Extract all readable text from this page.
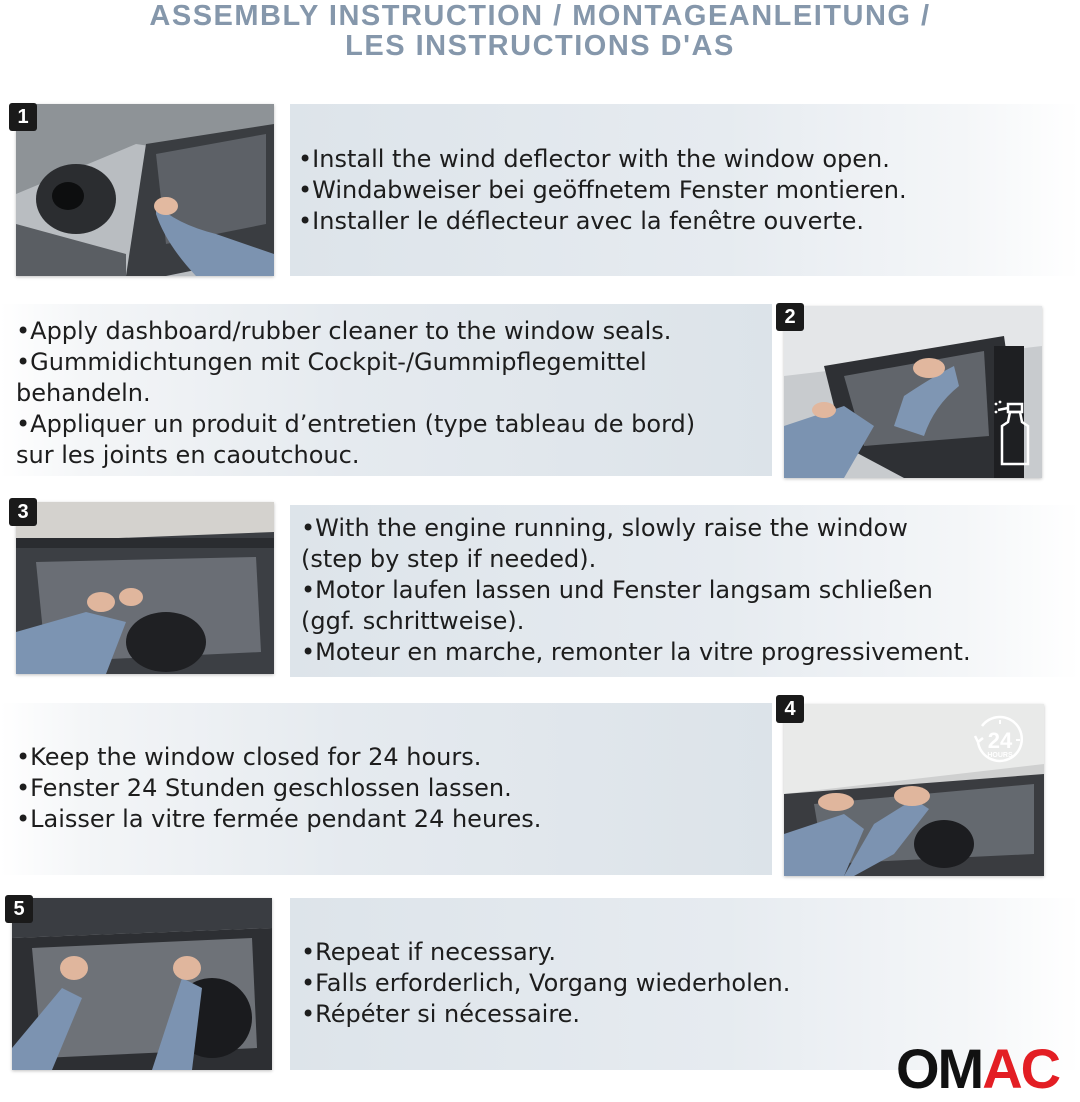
ASSEMBLY INSTRUCTION / MONTAGEANLEITUNG /
LES INSTRUCTIONS D'AS
1
•Install the wind deflector with the window open.
•Windabweiser bei geöffnetem Fenster montieren.
•Installer le déflecteur avec la fenêtre ouverte.
2
•Apply dashboard/rubber cleaner to the window seals.
•Gummidichtungen mit Cockpit-/Gummipflegemittel
behandeln.
•Appliquer un produit d’entretien (type tableau de bord)
sur les joints en caoutchouc.
3
•With the engine running, slowly raise the window
(step by step if needed).
•Motor laufen lassen und Fenster langsam schließen
(ggf. schrittweise).
•Moteur en marche, remonter la vitre progressivement.
24
HOURS
4
•Keep the window closed for 24 hours.
•Fenster 24 Stunden geschlossen lassen.
•Laisser la vitre fermée pendant 24 heures.
5
•Repeat if necessary.
•Falls erforderlich, Vorgang wiederholen.
•Répéter si nécessaire.
OMAC
